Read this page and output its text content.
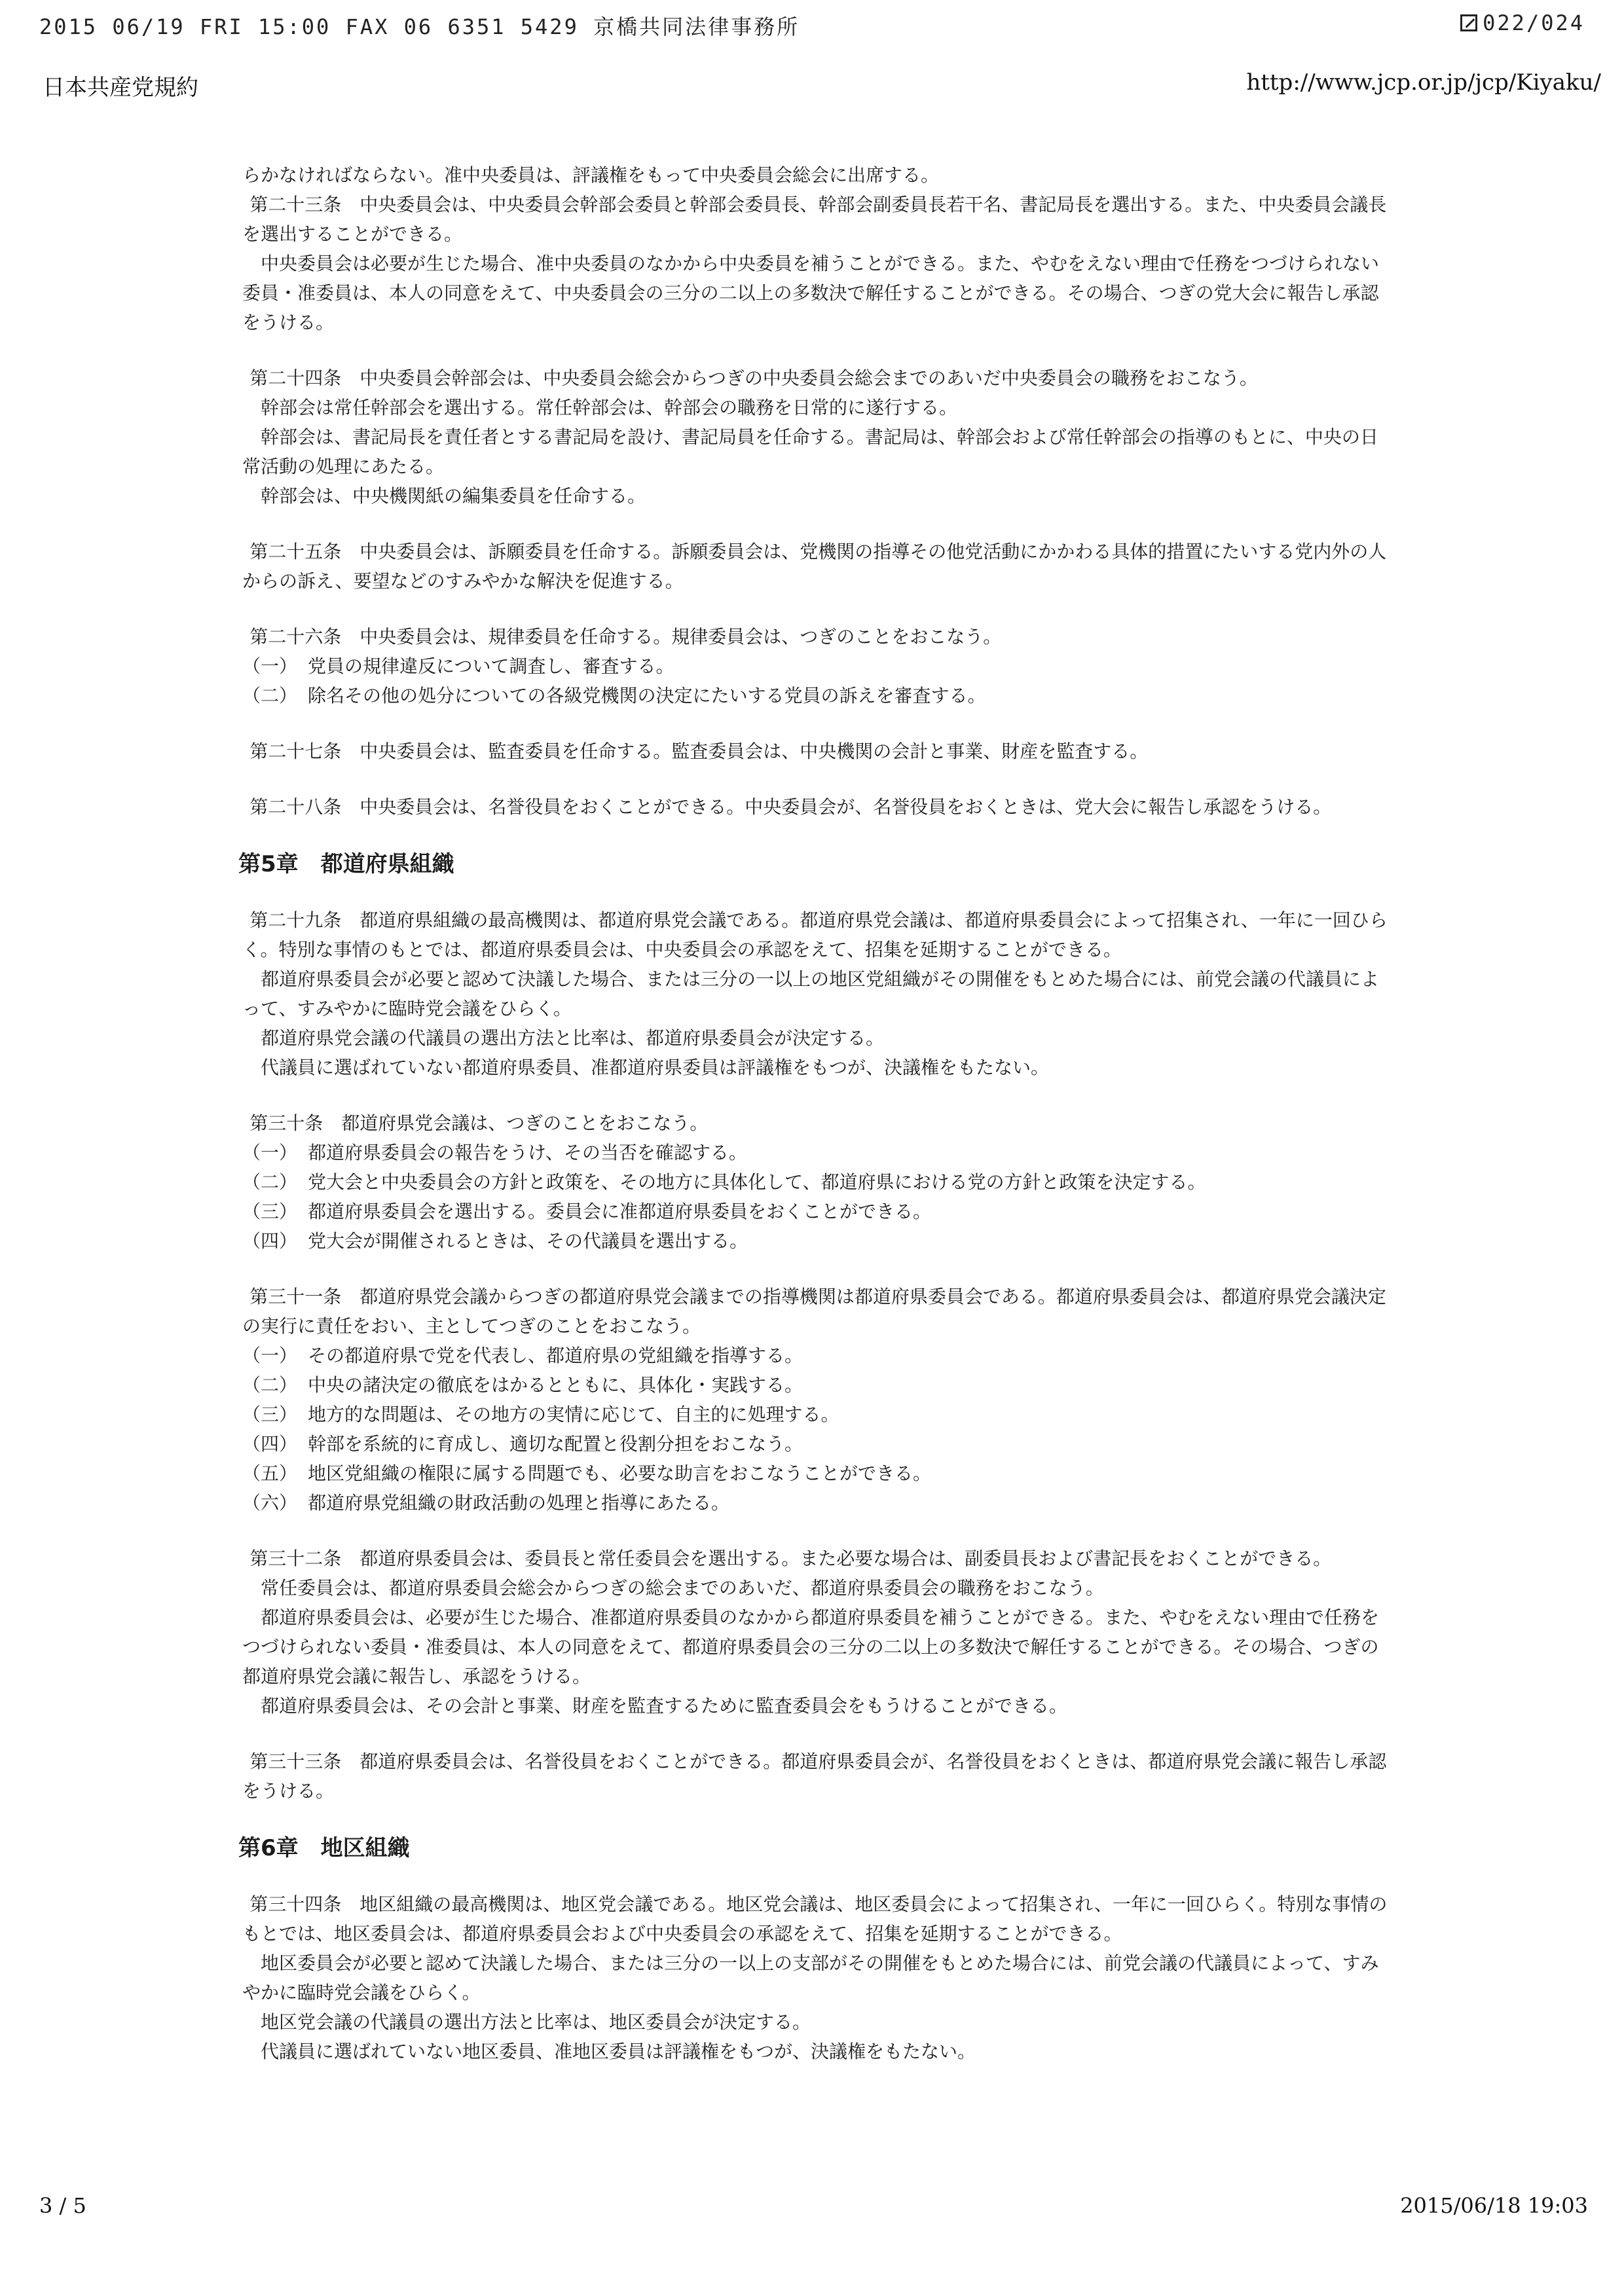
2015 06/19 FRI 15:00 FAX 06 6351 5429 京橋共同法律事務所	022/024
日本共産党規約	http://www.jcp.or.jp/jcp/Kiyaku/

らかなければならない。准中央委員は、評議権をもって中央委員会総会に出席する。

第二十三条　中央委員会は、中央委員会幹部会委員と幹部会委員長、幹部会副委員長若干名、書記局長を選出する。また、中央委員会議長を選出することができる。

中央委員会は必要が生じた場合、准中央委員のなかから中央委員を補うことができる。また、やむをえない理由で任務をつづけられない委員・准委員は、本人の同意をえて、中央委員会の三分の二以上の多数決で解任することができる。その場合、つぎの党大会に報告し承認をうける。

第二十四条　中央委員会幹部会は、中央委員会総会からつぎの中央委員会総会までのあいだ中央委員会の職務をおこなう。

幹部会は常任幹部会を選出する。常任幹部会は、幹部会の職務を日常的に遂行する。

幹部会は、書記局長を責任者とする書記局を設け、書記局員を任命する。書記局は、幹部会および常任幹部会の指導のもとに、中央の日常活動の処理にあたる。

幹部会は、中央機関紙の編集委員を任命する。

第二十五条　中央委員会は、訴願委員を任命する。訴願委員会は、党機関の指導その他党活動にかかわる具体的措置にたいする党内外の人からの訴え、要望などのすみやかな解決を促進する。

第二十六条　中央委員会は、規律委員を任命する。規律委員会は、つぎのことをおこなう。

（一） 党員の規律違反について調査し、審査する。

（二） 除名その他の処分についての各級党機関の決定にたいする党員の訴えを審査する。

第二十七条　中央委員会は、監査委員を任命する。監査委員会は、中央機関の会計と事業、財産を監査する。

第二十八条　中央委員会は、名誉役員をおくことができる。中央委員会が、名誉役員をおくときは、党大会に報告し承認をうける。

第5章　都道府県組織

第二十九条　都道府県組織の最高機関は、都道府県党会議である。都道府県党会議は、都道府県委員会によって招集され、一年に一回ひらく。特別な事情のもとでは、都道府県委員会は、中央委員会の承認をえて、招集を延期することができる。

都道府県委員会が必要と認めて決議した場合、または三分の一以上の地区党組織がその開催をもとめた場合には、前党会議の代議員によって、すみやかに臨時党会議をひらく。

都道府県党会議の代議員の選出方法と比率は、都道府県委員会が決定する。

代議員に選ばれていない都道府県委員、准都道府県委員は評議権をもつが、決議権をもたない。

第三十条　都道府県党会議は、つぎのことをおこなう。

（一） 都道府県委員会の報告をうけ、その当否を確認する。

（二） 党大会と中央委員会の方針と政策を、その地方に具体化して、都道府県における党の方針と政策を決定する。

（三） 都道府県委員会を選出する。委員会に准都道府県委員をおくことができる。

（四） 党大会が開催されるときは、その代議員を選出する。

第三十一条　都道府県党会議からつぎの都道府県党会議までの指導機関は都道府県委員会である。都道府県委員会は、都道府県党会議決定の実行に責任をおい、主としてつぎのことをおこなう。

（一） その都道府県で党を代表し、都道府県の党組織を指導する。

（二） 中央の諸決定の徹底をはかるとともに、具体化・実践する。

（三） 地方的な問題は、その地方の実情に応じて、自主的に処理する。

（四） 幹部を系統的に育成し、適切な配置と役割分担をおこなう。

（五） 地区党組織の権限に属する問題でも、必要な助言をおこなうことができる。

（六） 都道府県党組織の財政活動の処理と指導にあたる。

第三十二条　都道府県委員会は、委員長と常任委員会を選出する。また必要な場合は、副委員長および書記長をおくことができる。

常任委員会は、都道府県委員会総会からつぎの総会までのあいだ、都道府県委員会の職務をおこなう。

都道府県委員会は、必要が生じた場合、准都道府県委員のなかから都道府県委員を補うことができる。また、やむをえない理由で任務をつづけられない委員・准委員は、本人の同意をえて、都道府県委員会の三分の二以上の多数決で解任することができる。その場合、つぎの都道府県党会議に報告し、承認をうける。

都道府県委員会は、その会計と事業、財産を監査するために監査委員会をもうけることができる。

第三十三条　都道府県委員会は、名誉役員をおくことができる。都道府県委員会が、名誉役員をおくときは、都道府県党会議に報告し承認をうける。

第6章　地区組織

第三十四条　地区組織の最高機関は、地区党会議である。地区党会議は、地区委員会によって招集され、一年に一回ひらく。特別な事情のもとでは、地区委員会は、都道府県委員会および中央委員会の承認をえて、招集を延期することができる。

地区委員会が必要と認めて決議した場合、または三分の一以上の支部がその開催をもとめた場合には、前党会議の代議員によって、すみやかに臨時党会議をひらく。

地区党会議の代議員の選出方法と比率は、地区委員会が決定する。

代議員に選ばれていない地区委員、准地区委員は評議権をもつが、決議権をもたない。

3 / 5	2015/06/18 19:03
